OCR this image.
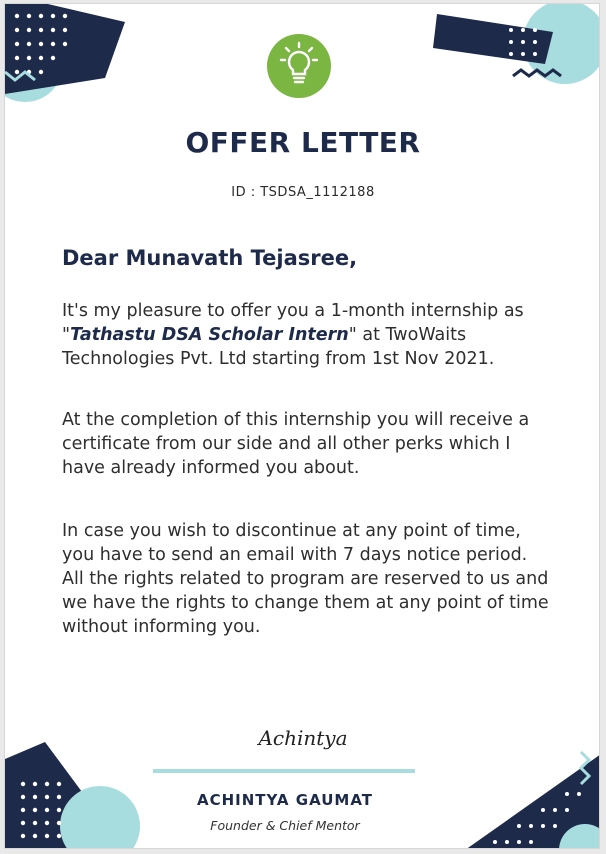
OFFER LETTER
ID : TSDSA_1112188
Dear Munavath Tejasree,

It's my pleasure to offer you a 1-month internship as "Tathastu DSA Scholar Intern" at TwoWaits Technologies Pvt. Ltd starting from 1st Nov 2021.

At the completion of this internship you will receive a certificate from our side and all other perks which I have already informed you about.

In case you wish to discontinue at any point of time, you have to send an email with 7 days notice period. All the rights related to program are reserved to us and we have the rights to change them at any point of time without informing you.

Achintya
ACHINTYA GAUMAT
Founder & Chief Mentor
